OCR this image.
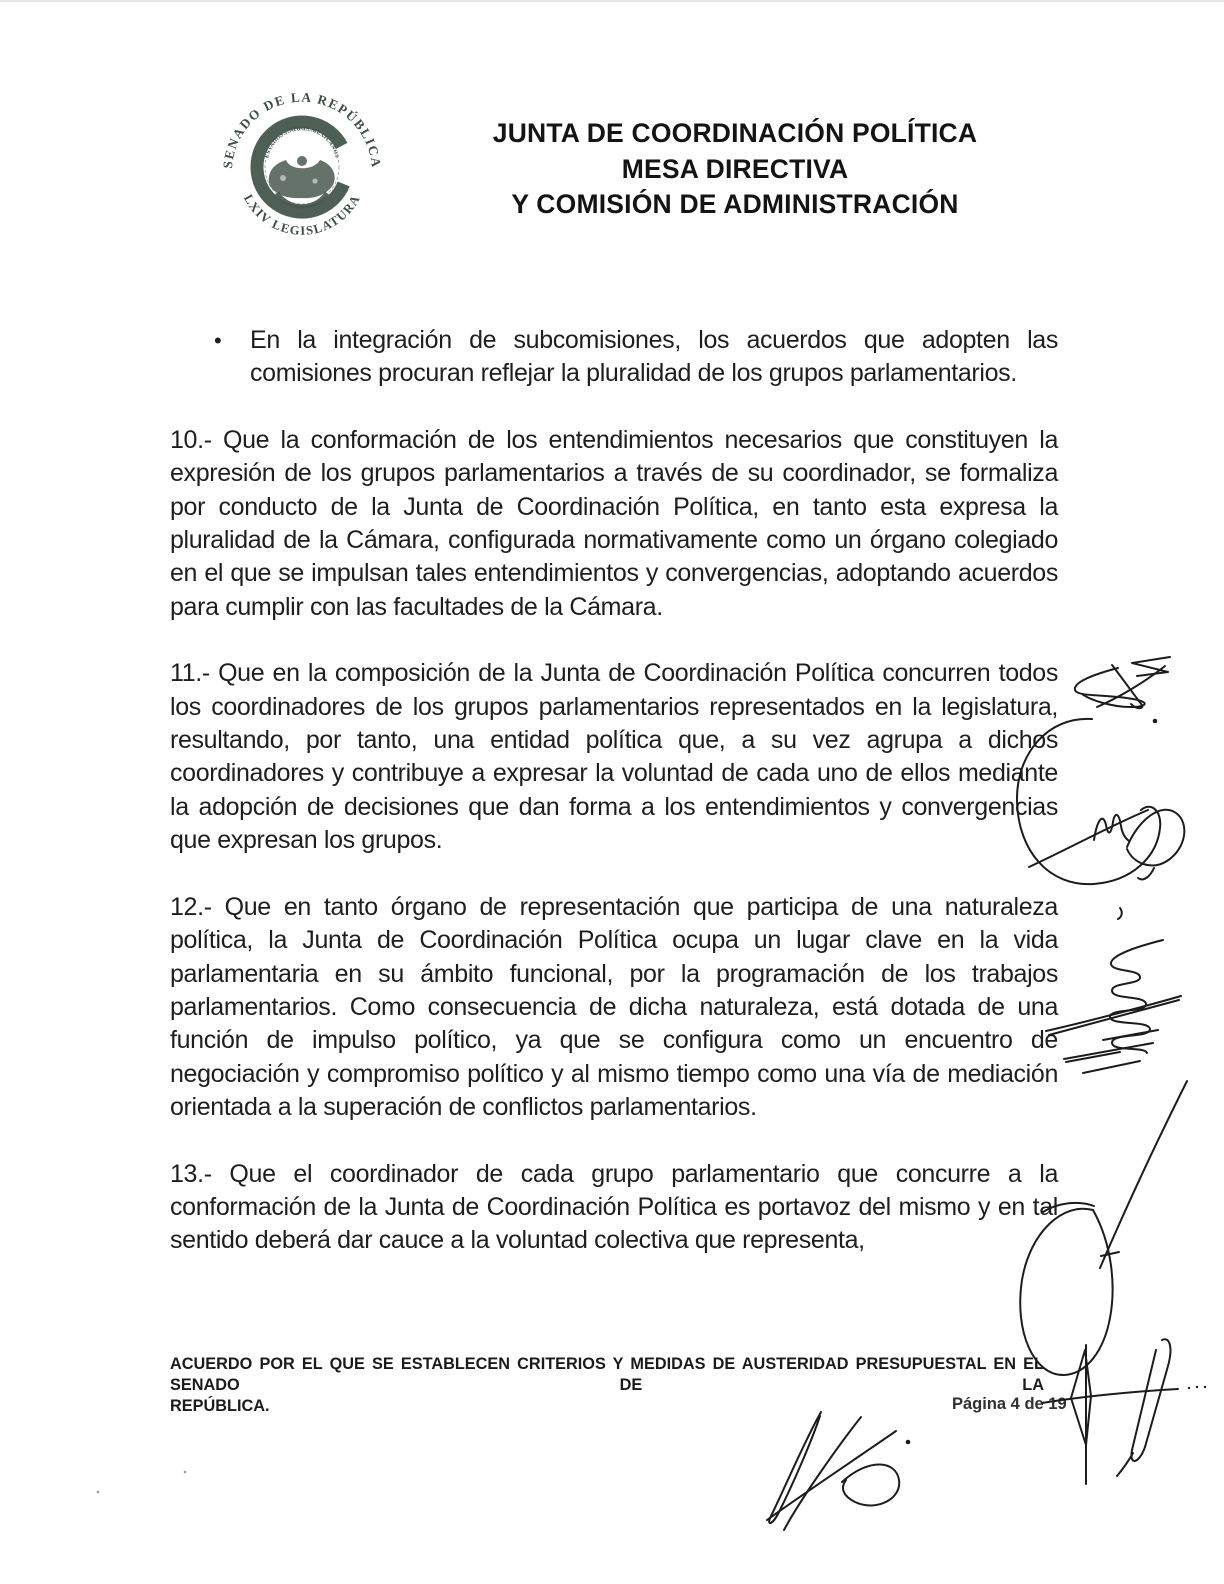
SENADO DE LA REPÚBLICA
LXIV LEGISLATURA
ESTADOS UNIDOS MEXICANOS
JUNTA DE COORDINACIÓN POLÍTICA
MESA DIRECTIVA
Y COMISIÓN DE ADMINISTRACIÓN
•	En la integración de subcomisiones, los acuerdos que adopten las comisiones procuran reflejar la pluralidad de los grupos parlamentarios.

10.- Que la conformación de los entendimientos necesarios que constituyen la expresión de los grupos parlamentarios a través de su coordinador, se formaliza por conducto de la Junta de Coordinación Política, en tanto esta expresa la pluralidad de la Cámara, configurada normativamente como un órgano colegiado en el que se impulsan tales entendimientos y convergencias, adoptando acuerdos para cumplir con las facultades de la Cámara.

11.- Que en la composición de la Junta de Coordinación Política concurren todos los coordinadores de los grupos parlamentarios representados en la legislatura, resultando, por tanto, una entidad política que, a su vez agrupa a dichos coordinadores y contribuye a expresar la voluntad de cada uno de ellos mediante la adopción de decisiones que dan forma a los entendimientos y convergencias que expresan los grupos.

12.- Que en tanto órgano de representación que participa de una naturaleza política, la Junta de Coordinación Política ocupa un lugar clave en la vida parlamentaria en su ámbito funcional, por la programación de los trabajos parlamentarios. Como consecuencia de dicha naturaleza, está dotada de una función de impulso político, ya que se configura como un encuentro de negociación y compromiso político y al mismo tiempo como una vía de mediación orientada a la superación de conflictos parlamentarios.

13.- Que el coordinador de cada grupo parlamentario que concurre a la conformación de la Junta de Coordinación Política es portavoz del mismo y en tal sentido deberá dar cauce a la voluntad colectiva que representa,

ACUERDO POR EL QUE SE ESTABLECEN CRITERIOS Y MEDIDAS DE AUSTERIDAD PRESUPUESTAL EN EL SENADO DE LA
REPÚBLICA.	Página 4 de 19
